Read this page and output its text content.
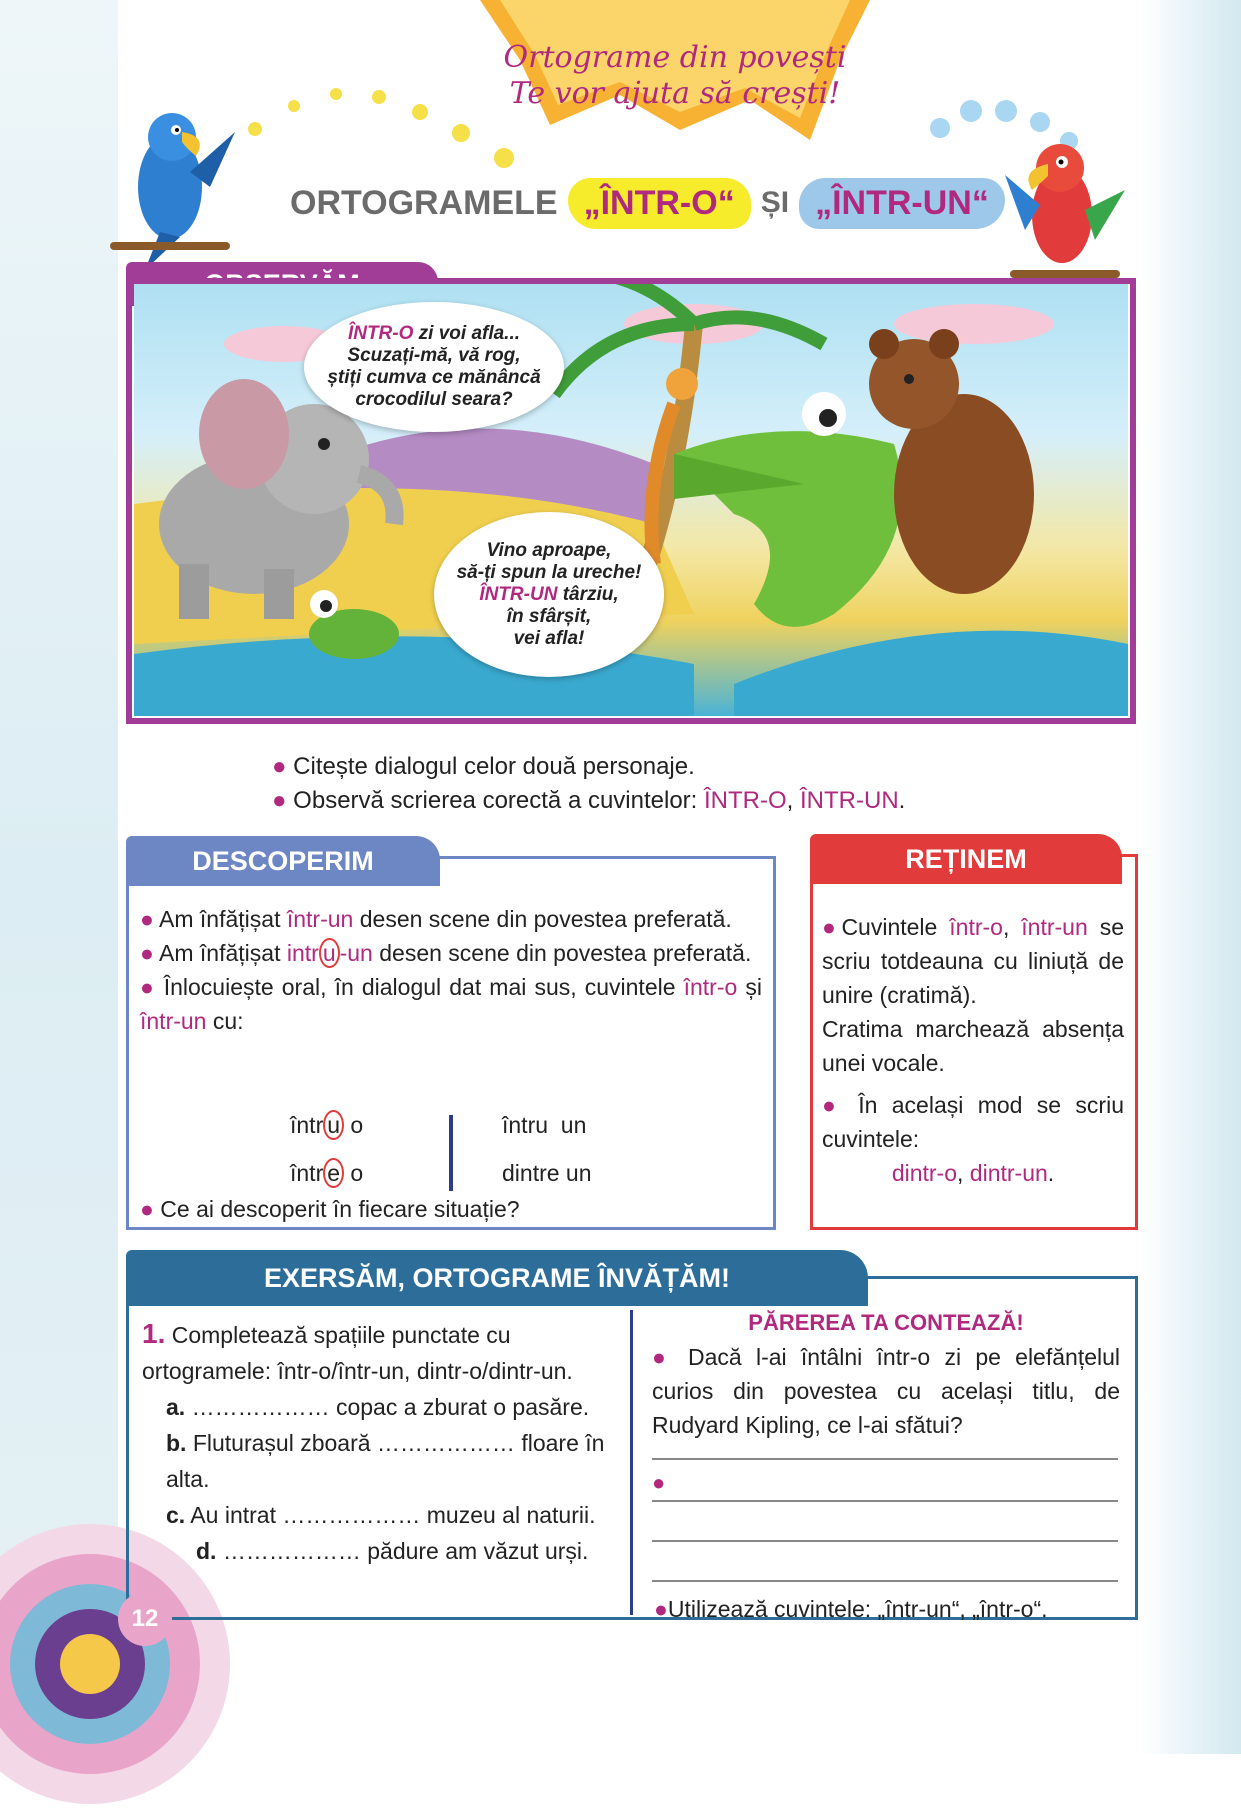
Ortograme din povești
Te vor ajuta să crești!
ORTOGRAMELE „ÎNTR-O“ ȘI „ÎNTR-UN“
ÎNTR-O zi voi afla...
Scuzați-mă, vă rog,
știți cumva ce mănâncă
crocodilul seara?
Vino aproape,
să-ți spun la ureche!
ÎNTR-UN târziu,
în sfârșit,
vei afla!
● Citește dialogul celor două personaje.
● Observă scrierea corectă a cuvintelor: ÎNTR-O, ÎNTR-UN.
DESCOPERIM
● Am înfățișat într-un desen scene din povestea preferată.
● Am înfățișat intr u -un desen scene din povestea preferată.
● Înlocuiește oral, în dialogul dat mai sus, cuvintele într-o și într-un cu:
într u o	întru  un
într e o	dintre un
● Ce ai descoperit în fiecare situație?
REȚINEM
●Cuvintele într-o, într-un se scriu totdeauna cu liniuță de unire (cratimă).
Cratima marchează absența unei vocale.
● În același mod se scriu cuvintele:
dintr-o, dintr-un.
EXERSĂM, ORTOGRAME ÎNVĂȚĂM!
1. Completează spațiile punctate cu ortogramele: într-o/într-un, dintr-o/dintr-un.
a. ……………… copac a zburat o pasăre.
b. Fluturașul zboară ……………… floare în alta.
c. Au intrat ……………… muzeu al naturii.
d. ……………… pădure am văzut urși.
PĂREREA TA CONTEAZĂ!
● Dacă l-ai întâlni într-o zi pe elefănțelul curios din povestea cu același titlu, de Rudyard Kipling, ce l-ai sfătui?
●
●Utilizează cuvintele: „într-un“, „într-o“.
12
